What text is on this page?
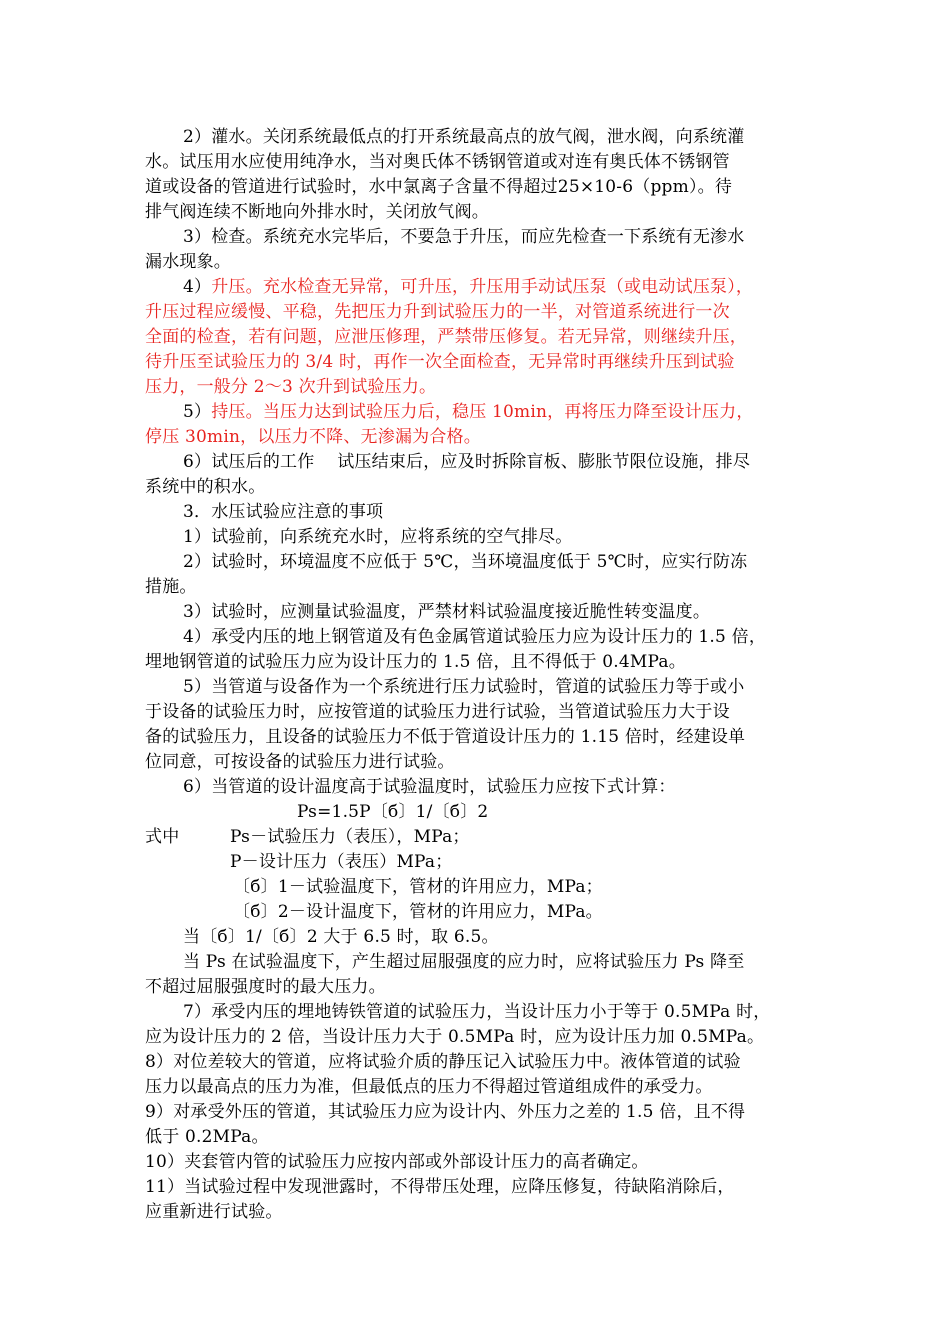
2）灌水。关闭系统最低点的打开系统最高点的放气阀，泄水阀，向系统灌
水。试压用水应使用纯净水，当对奥氏体不锈钢管道或对连有奥氏体不锈钢管
道或设备的管道进行试验时，水中氯离子含量不得超过25×10-6（ppm）。待
排气阀连续不断地向外排水时，关闭放气阀。
3）检查。系统充水完毕后，不要急于升压，而应先检查一下系统有无渗水
漏水现象。
4）升压。充水检查无异常，可升压，升压用手动试压泵（或电动试压泵），
升压过程应缓慢、平稳，先把压力升到试验压力的一半，对管道系统进行一次
全面的检查，若有问题，应泄压修理，严禁带压修复。若无异常，则继续升压，
待升压至试验压力的 3/4 时，再作一次全面检查，无异常时再继续升压到试验
压力，一般分 2～3 次升到试验压力。
5）持压。当压力达到试验压力后，稳压 10min，再将压力降至设计压力，
停压 30min，以压力不降、无渗漏为合格。
6）试压后的工作　 试压结束后，应及时拆除盲板、膨胀节限位设施，排尽
系统中的积水。
3．水压试验应注意的事项
1）试验前，向系统充水时，应将系统的空气排尽。
2）试验时，环境温度不应低于 5℃，当环境温度低于 5℃时，应实行防冻
措施。
3）试验时，应测量试验温度，严禁材料试验温度接近脆性转变温度。
4）承受内压的地上钢管道及有色金属管道试验压力应为设计压力的 1.5 倍，
埋地钢管道的试验压力应为设计压力的 1.5 倍，且不得低于 0.4MPa。
5）当管道与设备作为一个系统进行压力试验时，管道的试验压力等于或小
于设备的试验压力时，应按管道的试验压力进行试验，当管道试验压力大于设
备的试验压力，且设备的试验压力不低于管道设计压力的 1.15 倍时，经建设单
位同意，可按设备的试验压力进行试验。
6）当管道的设计温度高于试验温度时，试验压力应按下式计算：
Ps=1.5P〔б〕1/〔б〕2
式中	Ps－试验压力（表压），MPa；
P－设计压力（表压）MPa；
〔б〕1－试验温度下，管材的许用应力，MPa；
〔б〕2－设计温度下，管材的许用应力，MPa。
当〔б〕1/〔б〕2 大于 6.5 时，取 6.5。
当 Ps 在试验温度下，产生超过屈服强度的应力时，应将试验压力 Ps 降至
不超过屈服强度时的最大压力。
7）承受内压的埋地铸铁管道的试验压力，当设计压力小于等于 0.5MPa 时，
应为设计压力的 2 倍，当设计压力大于 0.5MPa 时，应为设计压力加 0.5MPa。
8）对位差较大的管道，应将试验介质的静压记入试验压力中。液体管道的试验
压力以最高点的压力为准，但最低点的压力不得超过管道组成件的承受力。
9）对承受外压的管道，其试验压力应为设计内、外压力之差的 1.5 倍，且不得
低于 0.2MPa。
10）夹套管内管的试验压力应按内部或外部设计压力的高者确定。
11）当试验过程中发现泄露时，不得带压处理，应降压修复，待缺陷消除后，
应重新进行试验。
